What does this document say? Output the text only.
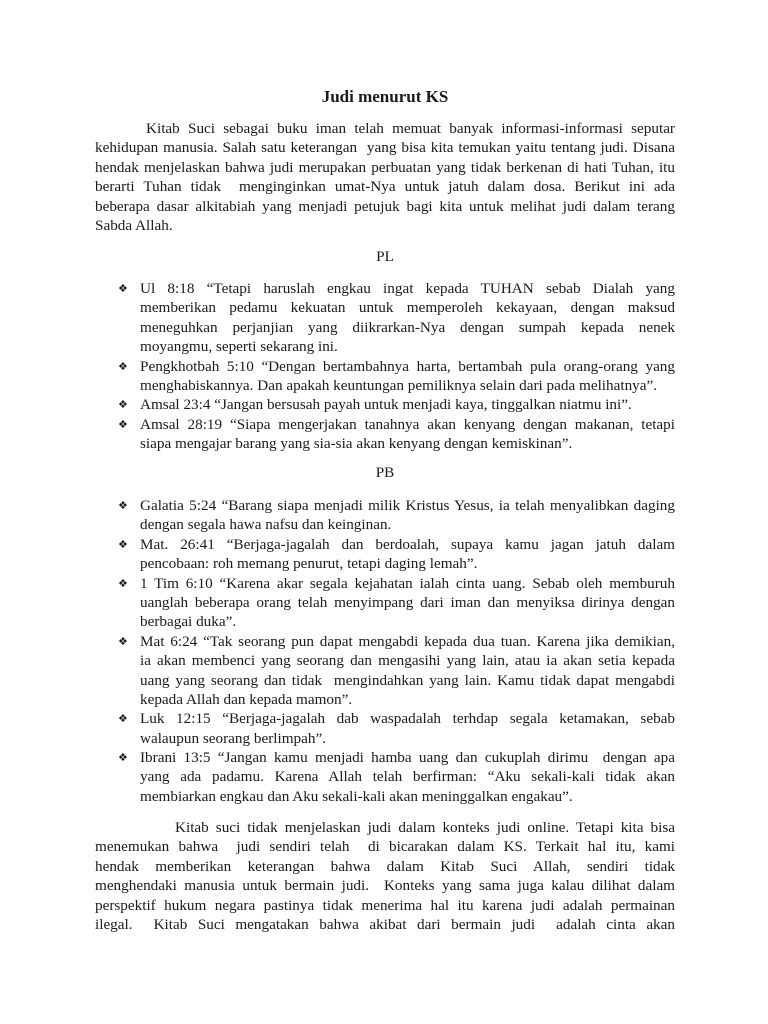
Judi menurut KS
Kitab Suci sebagai buku iman telah memuat banyak informasi-informasi seputar
kehidupan manusia. Salah satu keterangan  yang bisa kita temukan yaitu tentang judi. Disana
hendak menjelaskan bahwa judi merupakan perbuatan yang tidak berkenan di hati Tuhan, itu
berarti Tuhan tidak  menginginkan umat-Nya untuk jatuh dalam dosa. Berikut ini ada
beberapa dasar alkitabiah yang menjadi petujuk bagi kita untuk melihat judi dalam terang
Sabda Allah.
PL
❖
Ul 8:18 “Tetapi haruslah engkau ingat kepada TUHAN sebab Dialah yang
memberikan pedamu kekuatan untuk memperoleh kekayaan, dengan maksud
meneguhkan perjanjian yang diikrarkan-Nya dengan sumpah kepada nenek
moyangmu, seperti sekarang ini.
❖
Pengkhotbah 5:10 “Dengan bertambahnya harta, bertambah pula orang-orang yang
menghabiskannya. Dan apakah keuntungan pemiliknya selain dari pada melihatnya”.
❖
Amsal 23:4 “Jangan bersusah payah untuk menjadi kaya, tinggalkan niatmu ini”.
❖
Amsal 28:19 “Siapa mengerjakan tanahnya akan kenyang dengan makanan, tetapi
siapa mengajar barang yang sia-sia akan kenyang dengan kemiskinan”.
PB
❖
Galatia 5:24 “Barang siapa menjadi milik Kristus Yesus, ia telah menyalibkan daging
dengan segala hawa nafsu dan keinginan.
❖
Mat. 26:41 “Berjaga-jagalah dan berdoalah, supaya kamu jagan jatuh dalam
pencobaan: roh memang penurut, tetapi daging lemah”.
❖
1 Tim 6:10 “Karena akar segala kejahatan ialah cinta uang. Sebab oleh memburuh
uanglah beberapa orang telah menyimpang dari iman dan menyiksa dirinya dengan
berbagai duka”.
❖
Mat 6:24 “Tak seorang pun dapat mengabdi kepada dua tuan. Karena jika demikian,
ia akan membenci yang seorang dan mengasihi yang lain, atau ia akan setia kepada
uang yang seorang dan tidak  mengindahkan yang lain. Kamu tidak dapat mengabdi
kepada Allah dan kepada mamon”.
❖
Luk 12:15 “Berjaga-jagalah dab waspadalah terhdap segala ketamakan, sebab
walaupun seorang berlimpah”.
❖
Ibrani 13:5 “Jangan kamu menjadi hamba uang dan cukuplah dirimu  dengan apa
yang ada padamu. Karena Allah telah berfirman: “Aku sekali-kali tidak akan
membiarkan engkau dan Aku sekali-kali akan meninggalkan engakau”.
Kitab suci tidak menjelaskan judi dalam konteks judi online. Tetapi kita bisa
menemukan bahwa  judi sendiri telah  di bicarakan dalam KS. Terkait hal itu, kami
hendak memberikan keterangan bahwa dalam Kitab Suci Allah, sendiri tidak
menghendaki manusia untuk bermain judi.  Konteks yang sama juga kalau dilihat dalam
perspektif hukum negara pastinya tidak menerima hal itu karena judi adalah permainan
ilegal.  Kitab Suci mengatakan bahwa akibat dari bermain judi  adalah cinta akan
